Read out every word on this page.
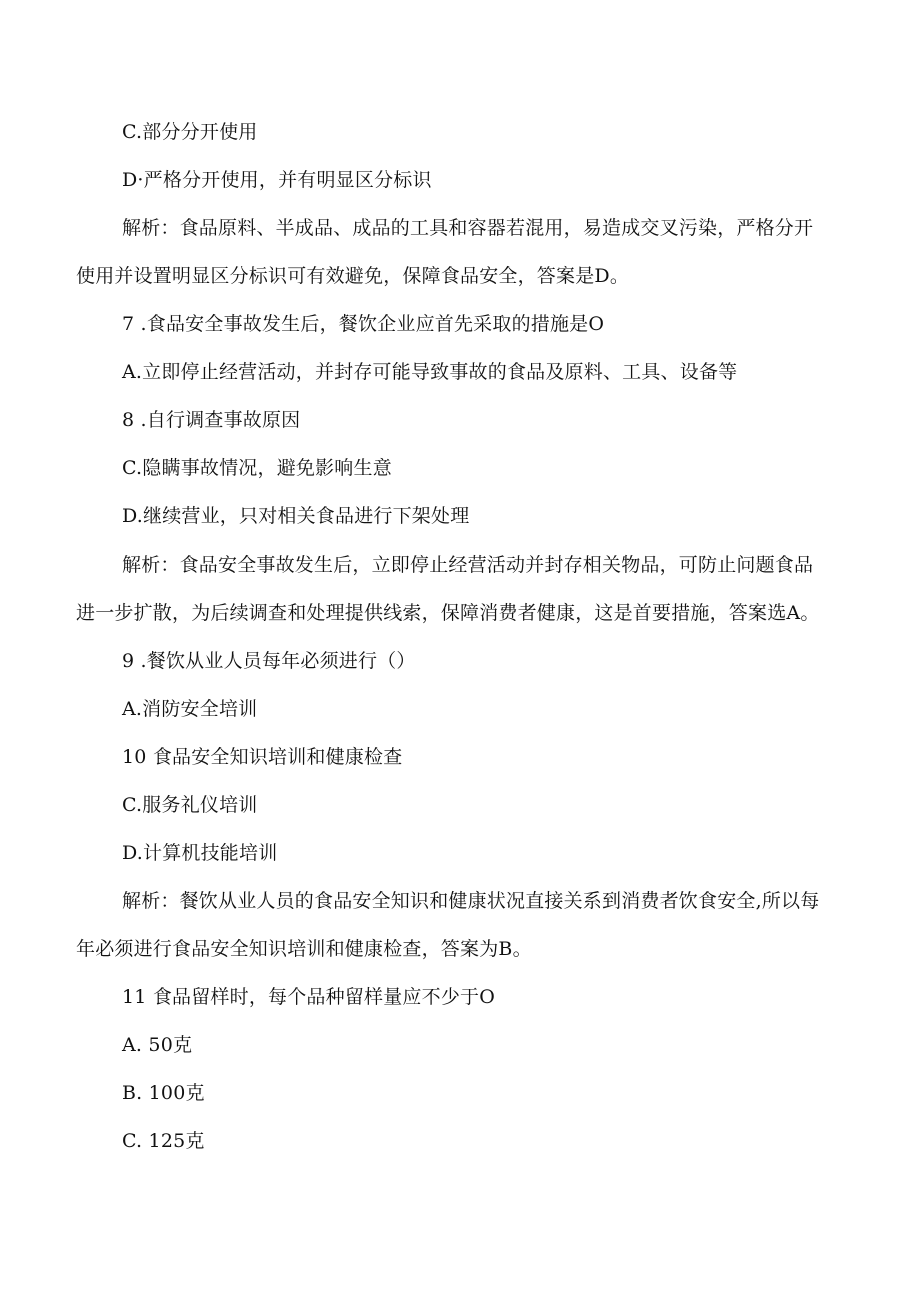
C.部分分开使用
D·严格分开使用，并有明显区分标识
解析：食品原料、半成品、成品的工具和容器若混用，易造成交叉污染，严格分开
使用并设置明显区分标识可有效避免，保障食品安全，答案是D。
7 .食品安全事故发生后，餐饮企业应首先采取的措施是O
A.立即停止经营活动，并封存可能导致事故的食品及原料、工具、设备等
8 .自行调查事故原因
C.隐瞒事故情况，避免影响生意
D.继续营业，只对相关食品进行下架处理
解析：食品安全事故发生后，立即停止经营活动并封存相关物品，可防止问题食品
进一步扩散，为后续调查和处理提供线索，保障消费者健康，这是首要措施，答案选A。
9 .餐饮从业人员每年必须进行（）
A.消防安全培训
10 食品安全知识培训和健康检查
C.服务礼仪培训
D.计算机技能培训
解析：餐饮从业人员的食品安全知识和健康状况直接关系到消费者饮食安全,所以每
年必须进行食品安全知识培训和健康检查，答案为B。
11 食品留样时，每个品种留样量应不少于O
A. 50克
B. 100克
C. 125克
